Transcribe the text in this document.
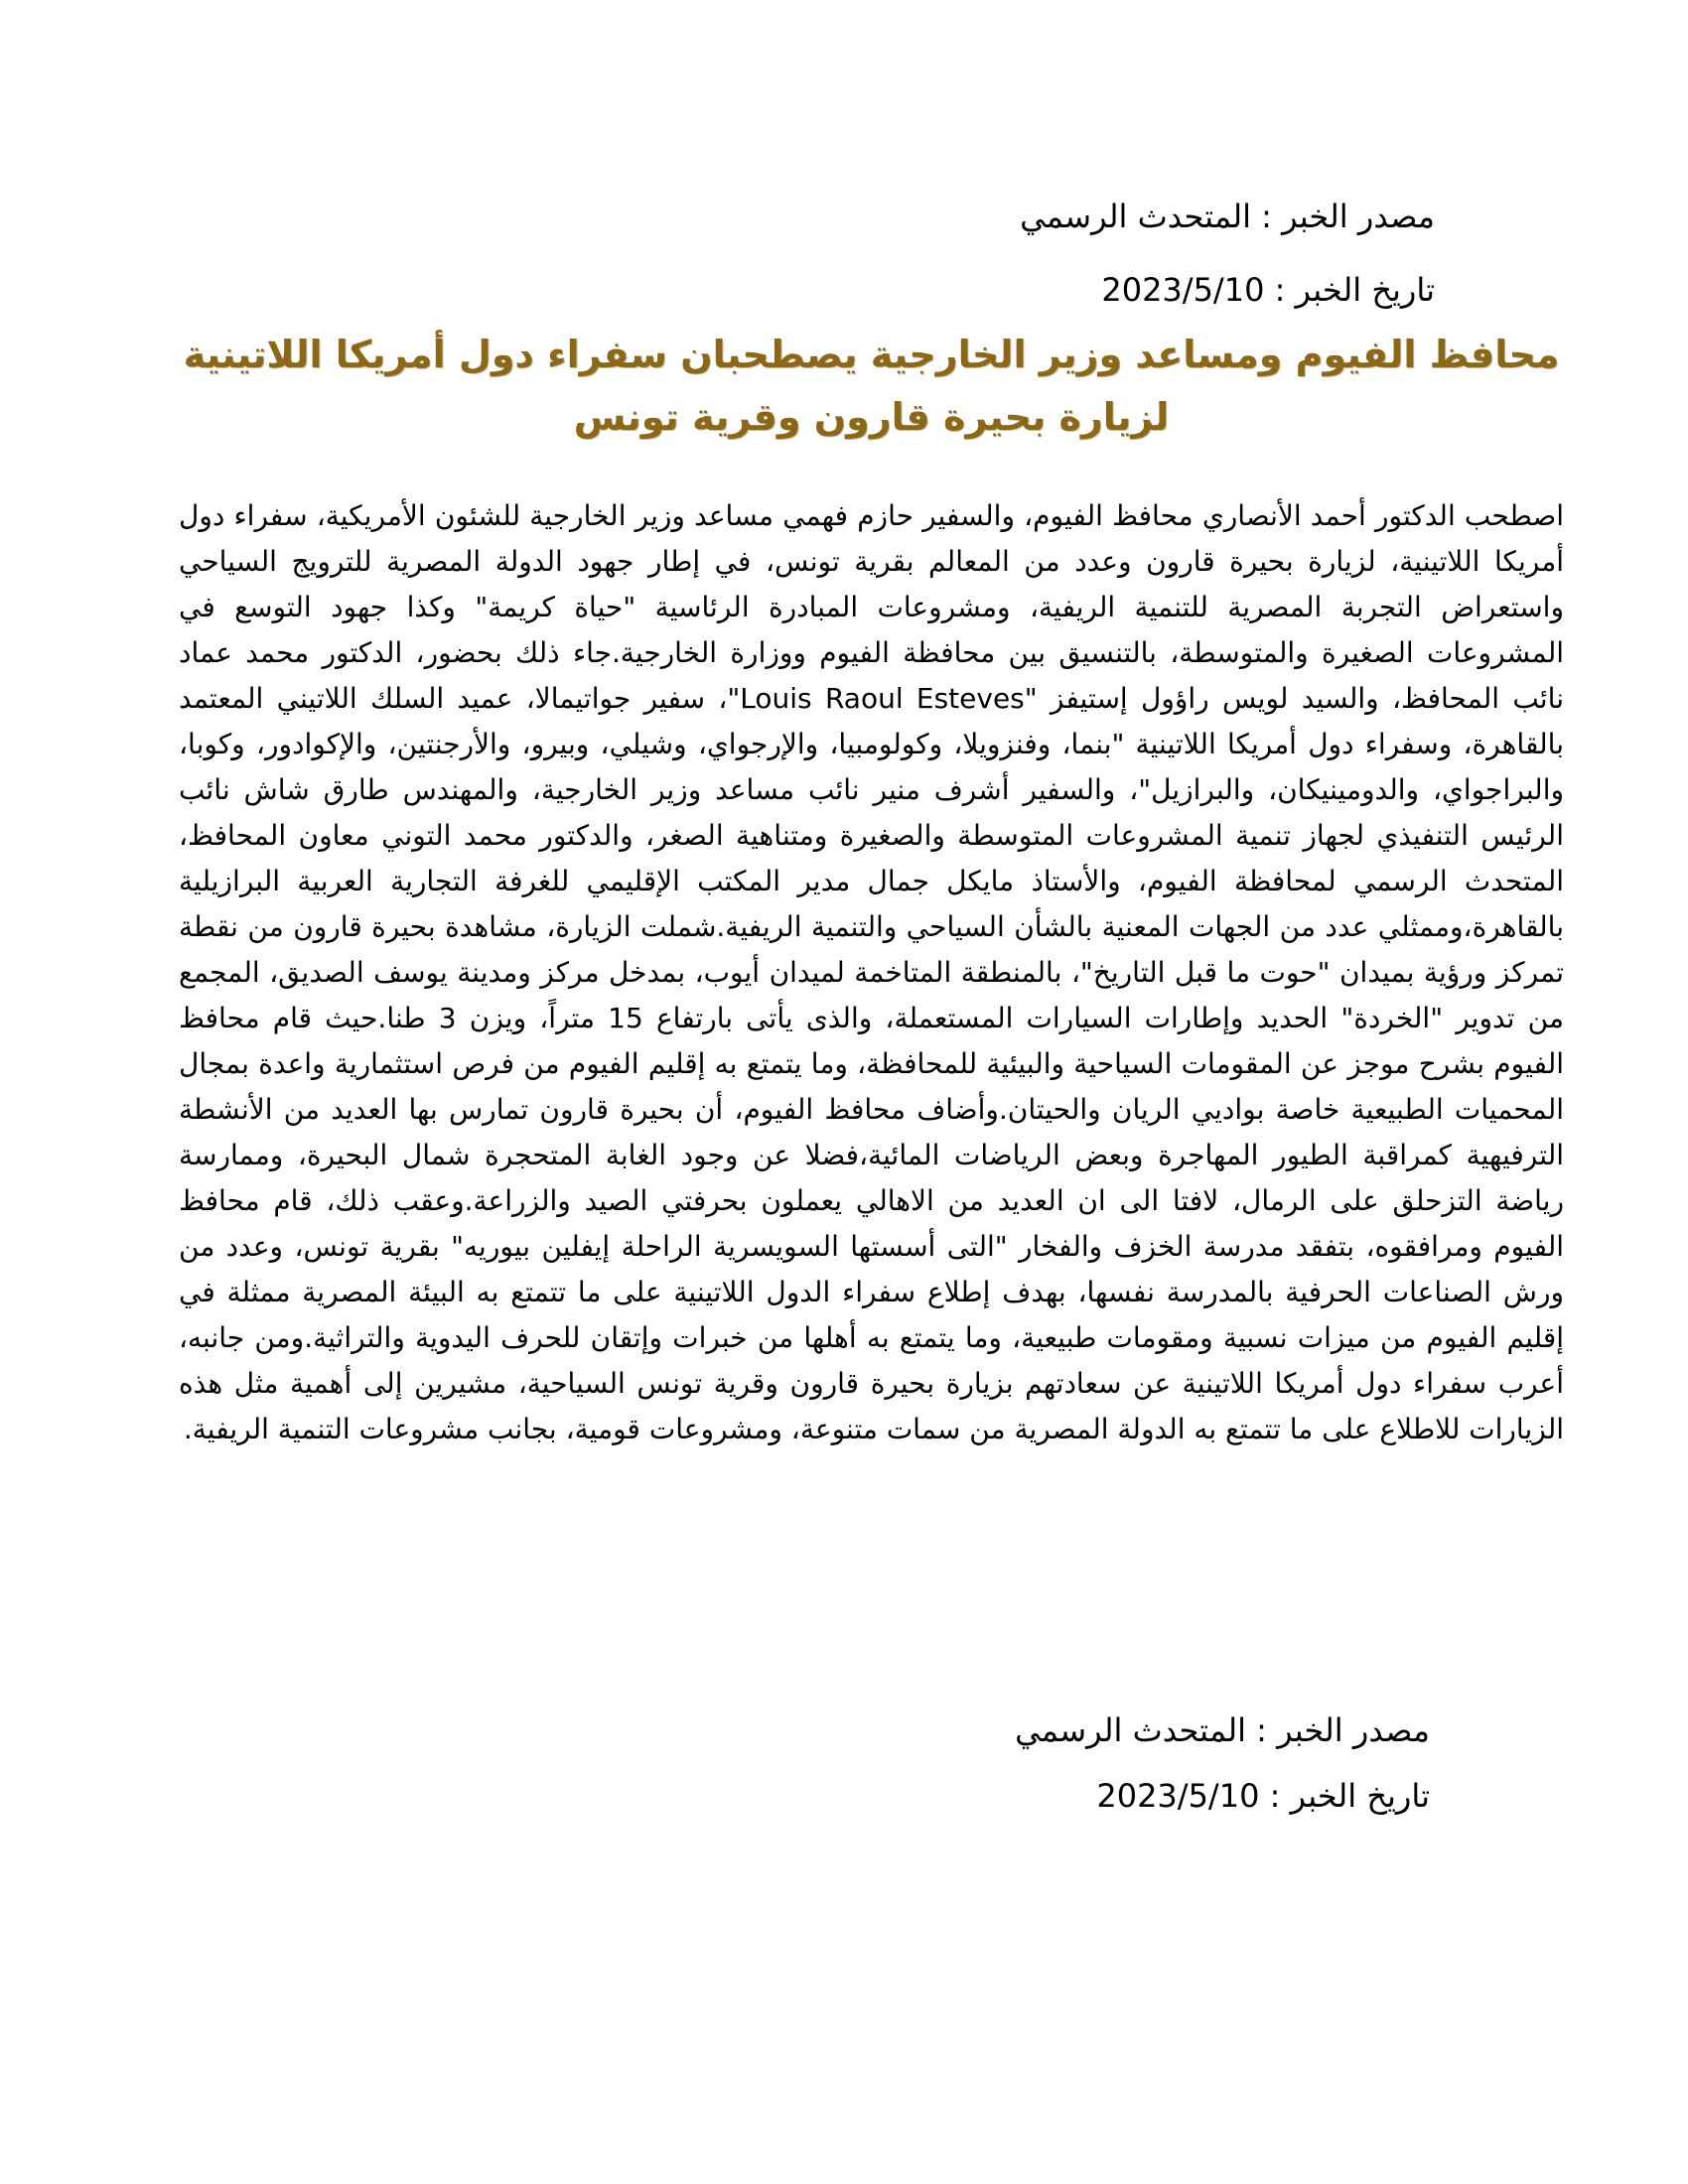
مصدر الخبر : المتحدث الرسمي
تاريخ الخبر : 2023/5/10
محافظ الفيوم ومساعد وزير الخارجية يصطحبان سفراء دول أمريكا اللاتينية
لزيارة بحيرة قارون وقرية تونس
اصطحب الدكتور أحمد الأنصاري محافظ الفيوم، والسفير حازم فهمي مساعد وزير الخارجية للشئون الأمريكية، سفراء دول أمريكا اللاتينية، لزيارة بحيرة قارون وعدد من المعالم بقرية تونس، في إطار جهود الدولة المصرية للترويج السياحي واستعراض التجربة المصرية للتنمية الريفية، ومشروعات المبادرة الرئاسية "حياة كريمة" وكذا جهود التوسع في المشروعات الصغيرة والمتوسطة، بالتنسيق بين محافظة الفيوم ووزارة الخارجية.جاء ذلك بحضور، الدكتور محمد عماد نائب المحافظ، والسيد لويس راؤول إستيفز "Louis Raoul Esteves"، سفير جواتيمالا، عميد السلك اللاتيني المعتمد بالقاهرة، وسفراء دول أمريكا اللاتينية "بنما، وفنزويلا، وكولومبيا، والإرجواي، وشيلي، وبيرو، والأرجنتين، والإكوادور، وكوبا، والبراجواي، والدومينيكان، والبرازيل"، والسفير أشرف منير نائب مساعد وزير الخارجية، والمهندس طارق شاش نائب الرئيس التنفيذي لجهاز تنمية المشروعات المتوسطة والصغيرة ومتناهية الصغر، والدكتور محمد التوني معاون المحافظ، المتحدث الرسمي لمحافظة الفيوم، والأستاذ مايكل جمال مدير المكتب الإقليمي للغرفة التجارية العربية البرازيلية بالقاهرة،وممثلي عدد من الجهات المعنية بالشأن السياحي والتنمية الريفية.شملت الزيارة، مشاهدة بحيرة قارون من نقطة تمركز ورؤية بميدان "حوت ما قبل التاريخ"، بالمنطقة المتاخمة لميدان أيوب، بمدخل مركز ومدينة يوسف الصديق، المجمع من تدوير "الخردة" الحديد وإطارات السيارات المستعملة، والذى يأتى بارتفاع 15 متراً، ويزن 3 طنا.حيث قام محافظ الفيوم بشرح موجز عن المقومات السياحية والبيئية للمحافظة، وما يتمتع به إقليم الفيوم من فرص استثمارية واعدة بمجال المحميات الطبيعية خاصة بواديي الريان والحيتان.وأضاف محافظ الفيوم، أن بحيرة قارون تمارس بها العديد من الأنشطة الترفيهية كمراقبة الطيور المهاجرة وبعض الرياضات المائية،فضلا عن وجود الغابة المتحجرة شمال البحيرة، وممارسة رياضة التزحلق على الرمال، لافتا الى ان العديد من الاهالي يعملون بحرفتي الصيد والزراعة.وعقب ذلك، قام محافظ الفيوم ومرافقوه، بتفقد مدرسة الخزف والفخار "التى أسستها السويسرية الراحلة إيفلين بيوريه" بقرية تونس، وعدد من ورش الصناعات الحرفية بالمدرسة نفسها، بهدف إطلاع سفراء الدول اللاتينية على ما تتمتع به البيئة المصرية ممثلة في إقليم الفيوم من ميزات نسبية ومقومات طبيعية، وما يتمتع به أهلها من خبرات وإتقان للحرف اليدوية والتراثية.ومن جانبه، أعرب سفراء دول أمريكا اللاتينية عن سعادتهم بزيارة بحيرة قارون وقرية تونس السياحية، مشيرين إلى أهمية مثل هذه الزيارات للاطلاع على ما تتمتع به الدولة المصرية من سمات متنوعة، ومشروعات قومية، بجانب مشروعات التنمية الريفية.
مصدر الخبر : المتحدث الرسمي
تاريخ الخبر : 2023/5/10
